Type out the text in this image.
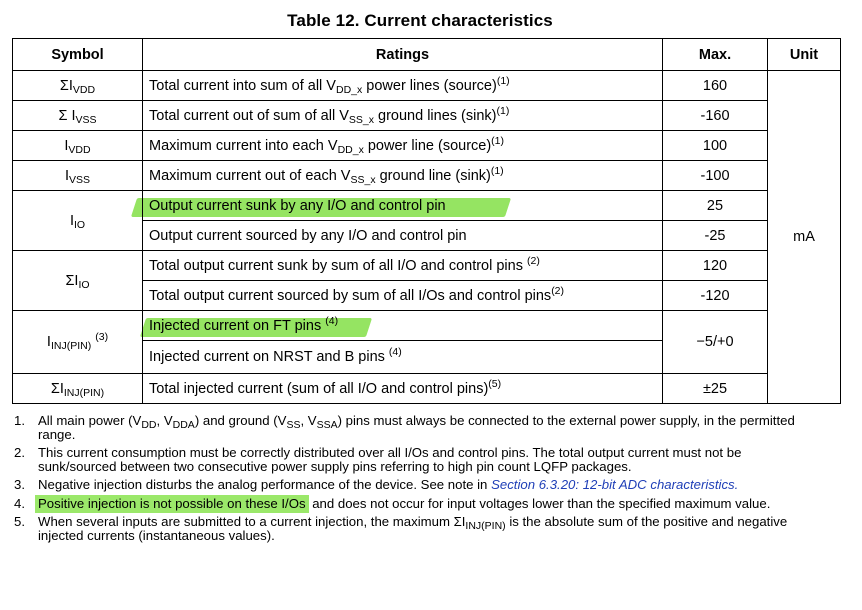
Table 12. Current characteristics
Symbol	Ratings	Max.	Unit
$\Sigma I_{VDD}$	Total current into sum of all $V_{DD\_x}$ power lines (source)$^{(1)}$	160	mA
Σ $I_{VSS}$	Total current out of sum of all $V_{SS\_x}$ ground lines $(\sin k)^{(1)}$	-160	
$I_{VDD}$	Maximum current into each $V_{DD\_x}$ power line (source)$^{(1)}$	100	
$I_{VSS}$	Maximum current out of each $V_{SS\_x}$ ground line $(\sin k)^{(1)}$	-100	
$I_{IO}$	Output current sunk by any I/O and control pin	25	
	Output current sourced by any I/O and control pin	-25	
$\Sigma I_{IO}$	Total output current sunk by sum of all I/O and control pins $^{(2)}$	120	
	Total output current sourced by sum of all I/Os and control pins$^{(2)}$	-120	
$I_{INJ(PIN)}$ $^{(3)}$	Injected current on FT pins $^{(4)}$	−5/+0	
	Injected current on NRST and B pins $^{(4)}$
$\Sigma I_{INJ(PIN)}$	Total injected current (sum of all I/O and control pins)$^{(5)}$	±25	
1. All main power ($V_{DD}$, $V_{DDA}$) and ground ($V_{SS}$, $V_{SSA}$) pins must always be connected to the external power supply, in the permitted range.
2. This current consumption must be correctly distributed over all I/Os and control pins. The total output current must not be sunk/sourced between two consecutive power supply pins referring to high pin count LQFP packages.
3. Negative injection disturbs the analog performance of the device. See note in Section 6.3.20: 12-bit ADC characteristics.
4. Positive injection is not possible on these I/Os and does not occur for input voltages lower than the specified maximum value.
5. When several inputs are submitted to a current injection, the maximum $\Sigma I_{INJ(PIN)}$ is the absolute sum of the positive and negative injected currents (instantaneous values).
